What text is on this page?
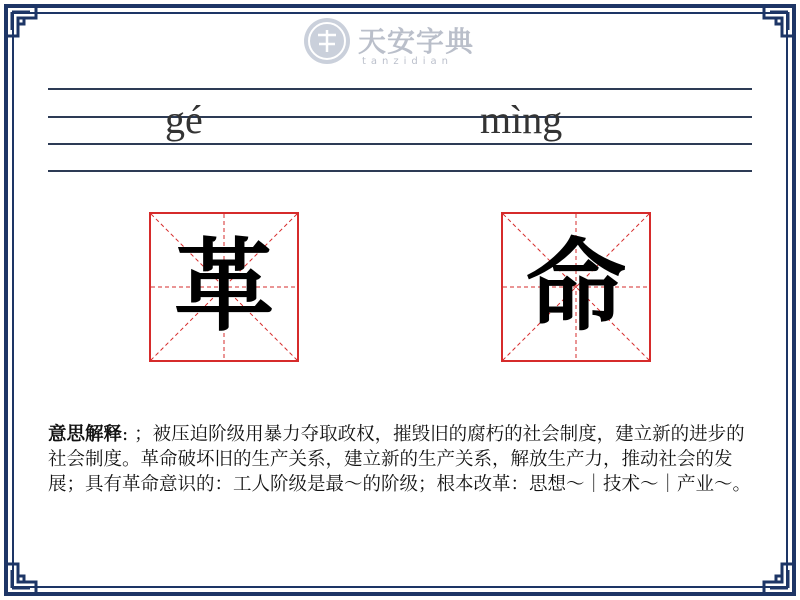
天安字典
tanzidian
gé	mìng
革	命
意思解释: ；被压迫阶级用暴力夺取政权，摧毁旧的腐朽的社会制度，建立新的进步的社会制度。革命破坏旧的生产关系，建立新的生产关系，解放生产力，推动社会的发展；具有革命意识的：工人阶级是最～的阶级；根本改革：思想～｜技术～｜产业～。
